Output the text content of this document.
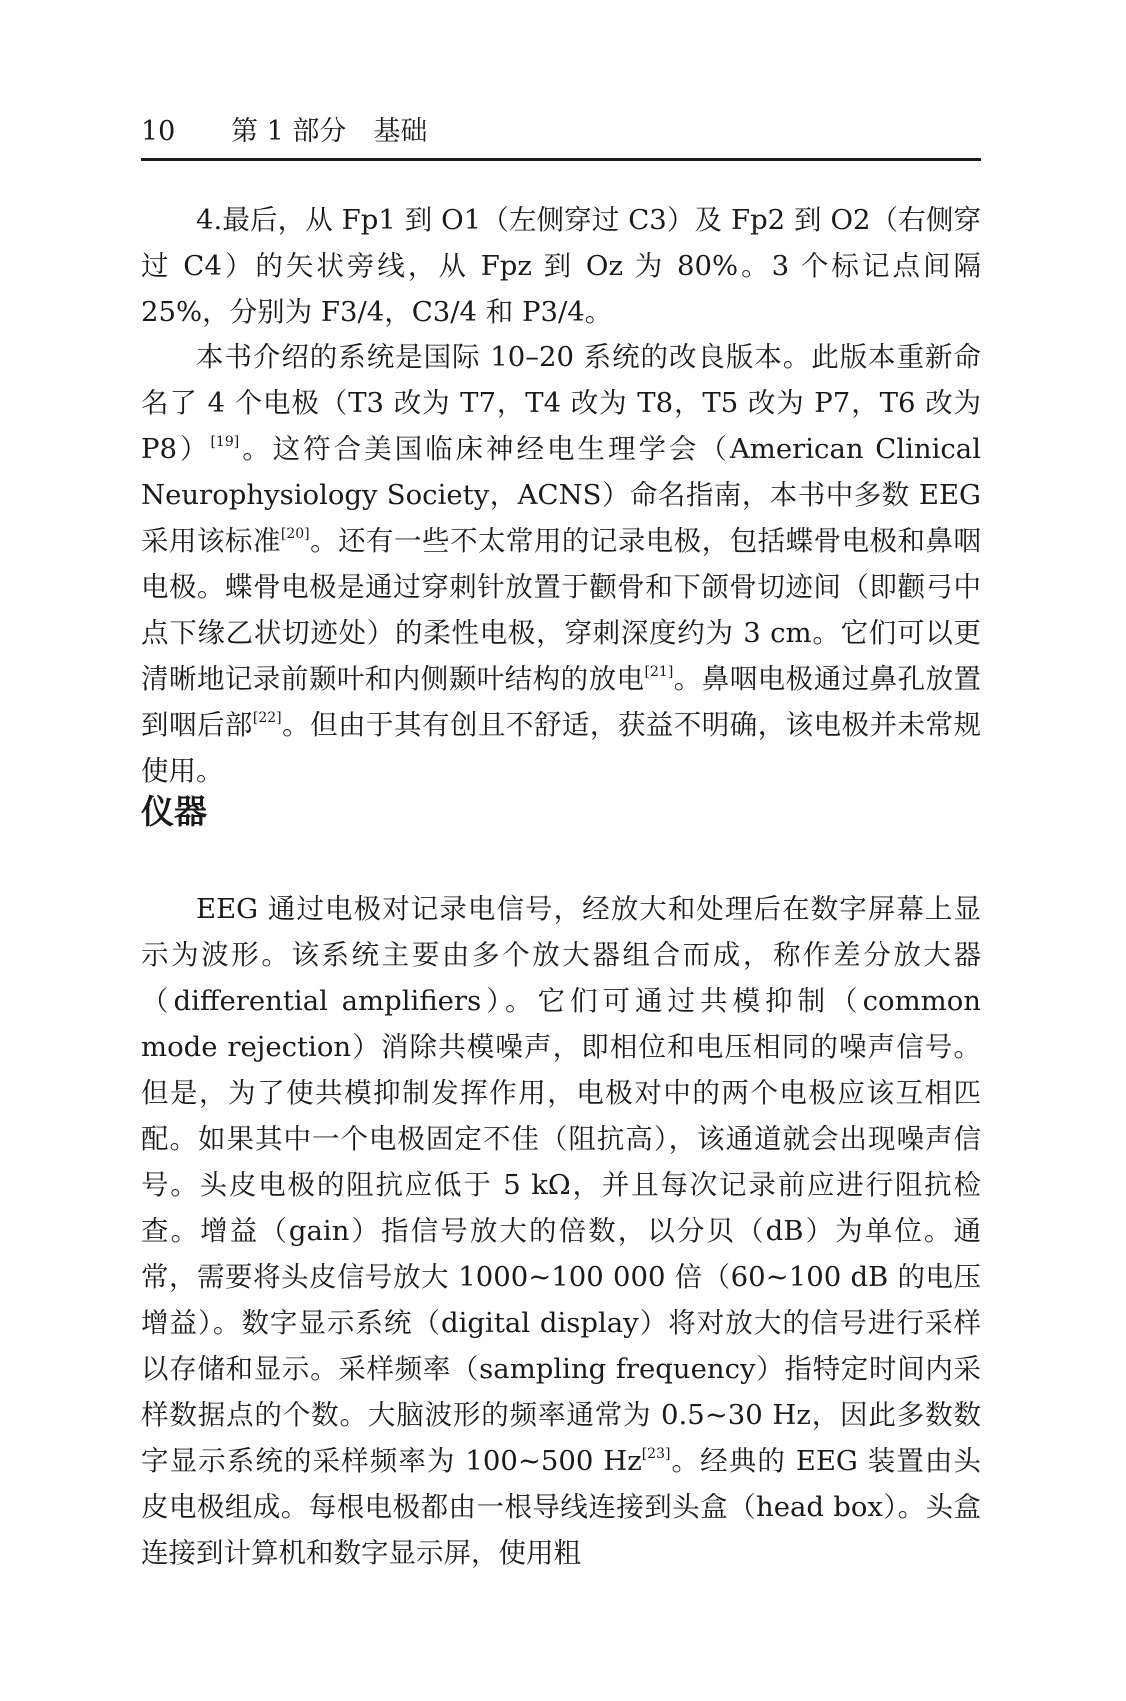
10 第 1 部分　基础

4.最后，从 Fp1 到 O1（左侧穿过 C3）及 Fp2 到 O2（右侧穿过 C4）的矢状旁线，从 Fpz 到 Oz 为 80%。3 个标记点间隔 25%，分别为 F3/4，C3/4 和 P3/4。

本书介绍的系统是国际 10–20 系统的改良版本。此版本重新命名了 4 个电极（T3 改为 T7，T4 改为 T8，T5 改为 P7，T6 改为 P8）[19]。这符合美国临床神经电生理学会（American Clinical Neurophysiology Society，ACNS）命名指南，本书中多数 EEG 采用该标准[20]。还有一些不太常用的记录电极，包括蝶骨电极和鼻咽电极。蝶骨电极是通过穿刺针放置于颧骨和下颌骨切迹间（即颧弓中点下缘乙状切迹处）的柔性电极，穿刺深度约为 3 cm。它们可以更清晰地记录前颞叶和内侧颞叶结构的放电[21]。鼻咽电极通过鼻孔放置到咽后部[22]。但由于其有创且不舒适，获益不明确，该电极并未常规使用。

仪器

EEG 通过电极对记录电信号，经放大和处理后在数字屏幕上显示为波形。该系统主要由多个放大器组合而成，称作差分放大器（differential amplifiers）。它们可通过共模抑制（common mode rejection）消除共模噪声，即相位和电压相同的噪声信号。但是，为了使共模抑制发挥作用，电极对中的两个电极应该互相匹配。如果其中一个电极固定不佳（阻抗高），该通道就会出现噪声信号。头皮电极的阻抗应低于 5 kΩ，并且每次记录前应进行阻抗检查。增益（gain）指信号放大的倍数，以分贝（dB）为单位。通常，需要将头皮信号放大 1000~100 000 倍（60~100 dB 的电压增益）。数字显示系统（digital display）将对放大的信号进行采样以存储和显示。采样频率（sampling frequency）指特定时间内采样数据点的个数。大脑波形的频率通常为 0.5~30 Hz，因此多数数字显示系统的采样频率为 100~500 Hz[23]。经典的 EEG 装置由头皮电极组成。每根电极都由一根导线连接到头盒（head box）。头盒连接到计算机和数字显示屏，使用粗
